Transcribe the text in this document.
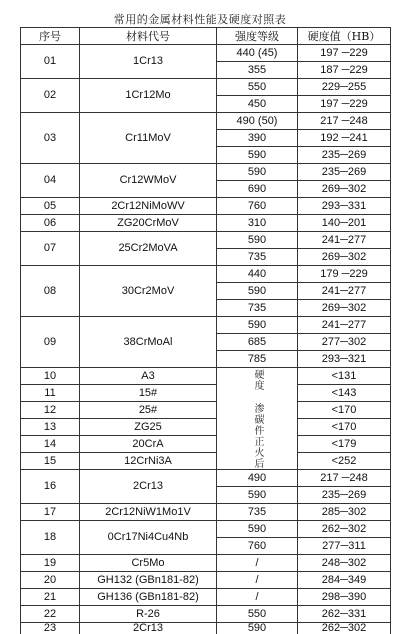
常用的金属材料性能及硬度对照表
序号	材料代号	强度等级	硬度值（HB）
01	1Cr13	440 (45)	197 ─229
		355	187 ─229
02	1Cr12Mo	550	229─255
		450	197 ─229
03	Cr11MoV	490 (50)	217 ─248
		390	192 ─241
		590	235─269
04	Cr12WMoV	590	235─269
		690	269─302
05	2Cr12NiMoWV	760	293─331
06	ZG20CrMoV	310	140─201
07	25Cr2MoVA	590	241─277
		735	269─302
08	30Cr2MoV	440	179 ─229
		590	241─277
		735	269─302
09	38CrMoAl	590	241─277
		685	277─302
		785	293─321
10	A3	硬度 渗碳件正火后	<131
11	15#		<143
12	25#		<170
13	ZG25		<170
14	20CrA		<179
15	12CrNi3A		<252
16	2Cr13	490	217 ─248
		590	235─269
17	2Cr12NiW1Mo1V	735	285─302
18	0Cr17Ni4Cu4Nb	590	262─302
		760	277─311
19	Cr5Mo	/	248─302
20	GH132 (GBn181-82)	/	284─349
21	GH136 (GBn181-82)	/	298─390
22	R-26	550	262─331
23	2Cr13	590	262─302
